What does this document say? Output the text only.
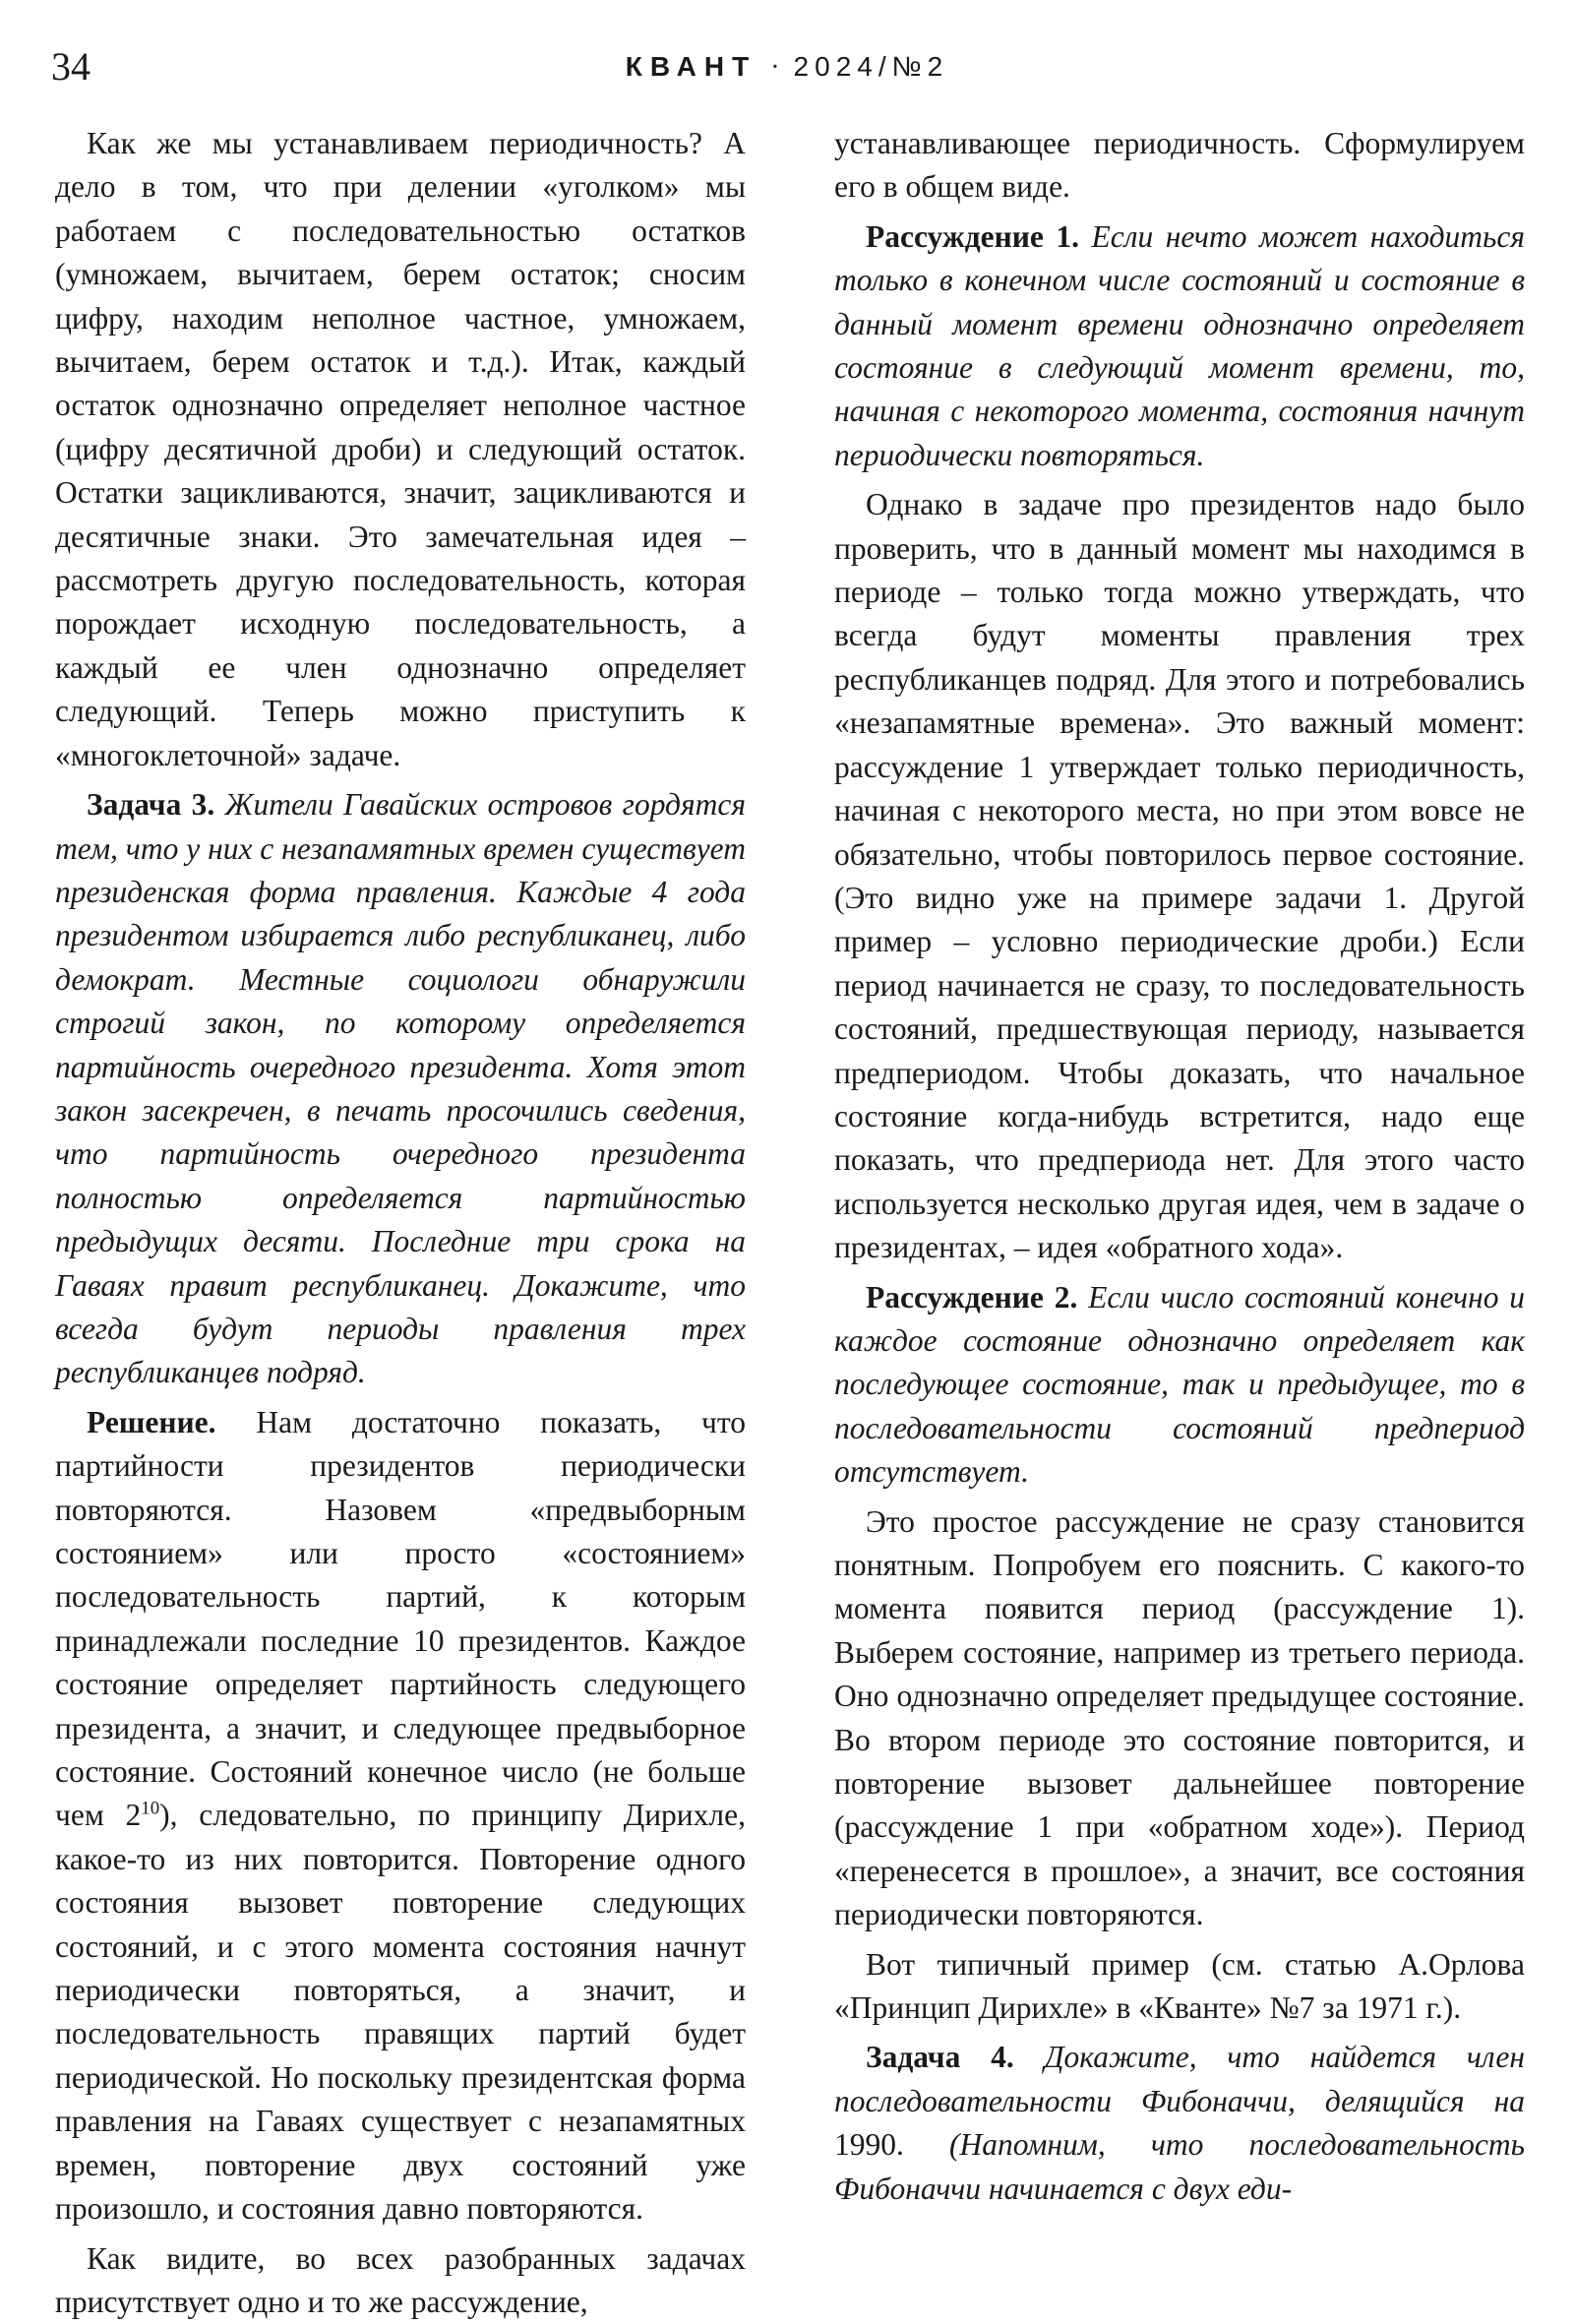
34	КВАНТ · 2024/№2

Как же мы устанавливаем периодичность? А дело в том, что при делении «уголком» мы работаем с последовательностью остатков (умножаем, вычитаем, берем остаток; сносим цифру, находим неполное частное, умножаем, вычитаем, берем остаток и т.д.). Итак, каждый остаток однозначно определяет неполное частное (цифру десятичной дроби) и следующий остаток. Остатки зацикливаются, значит, зацикливаются и десятичные знаки. Это замечательная идея – рассмотреть другую последовательность, которая порождает исходную последовательность, а каждый ее член однозначно определяет следующий. Теперь можно приступить к «многоклеточной» задаче.

Задача 3. Жители Гавайских островов гордятся тем, что у них с незапамятных времен существует президенская форма правления. Каждые 4 года президентом избирается либо республиканец, либо демократ. Местные социологи обнаружили строгий закон, по которому определяется партийность очередного президента. Хотя этот закон засекречен, в печать просочились сведения, что партийность очередного президента полностью определяется партийностью предыдущих десяти. Последние три срока на Гаваях правит республиканец. Докажите, что всегда будут периоды правления трех республиканцев подряд.

Решение. Нам достаточно показать, что партийности президентов периодически повторяются. Назовем «предвыборным состоянием» или просто «состоянием» последовательность партий, к которым принадлежали последние 10 президентов. Каждое состояние определяет партийность следующего президента, а значит, и следующее предвыборное состояние. Состояний конечное число (не больше чем $2^{10}$), следовательно, по принципу Дирихле, какое-то из них повторится. Повторение одного состояния вызовет повторение следующих состояний, и с этого момента состояния начнут периодически повторяться, а значит, и последовательность правящих партий будет периодической. Но поскольку президентская форма правления на Гаваях существует с незапамятных времен, повторение двух состояний уже произошло, и состояния давно повторяются.

Как видите, во всех разобранных задачах присутствует одно и то же рассуждение,

устанавливающее периодичность. Сформулируем его в общем виде.

Рассуждение 1. Если нечто может находиться только в конечном числе состояний и состояние в данный момент времени однозначно определяет состояние в следующий момент времени, то, начиная с некоторого момента, состояния начнут периодически повторяться.

Однако в задаче про президентов надо было проверить, что в данный момент мы находимся в периоде – только тогда можно утверждать, что всегда будут моменты правления трех республиканцев подряд. Для этого и потребовались «незапамятные времена». Это важный момент: рассуждение 1 утверждает только периодичность, начиная с некоторого места, но при этом вовсе не обязательно, чтобы повторилось первое состояние. (Это видно уже на примере задачи 1. Другой пример – условно периодические дроби.) Если период начинается не сразу, то последовательность состояний, предшествующая периоду, называется предпериодом. Чтобы доказать, что начальное состояние когда-нибудь встретится, надо еще показать, что предпериода нет. Для этого часто используется несколько другая идея, чем в задаче о президентах, – идея «обратного хода».

Рассуждение 2. Если число состояний конечно и каждое состояние однозначно определяет как последующее состояние, так и предыдущее, то в последовательности состояний предпериод отсутствует.

Это простое рассуждение не сразу становится понятным. Попробуем его пояснить. С какого-то момента появится период (рассуждение 1). Выберем состояние, например из третьего периода. Оно однозначно определяет предыдущее состояние. Во втором периоде это состояние повторится, и повторение вызовет дальнейшее повторение (рассуждение 1 при «обратном ходе»). Период «перенесется в прошлое», а значит, все состояния периодически повторяются.

Вот типичный пример (см. статью А.Орлова «Принцип Дирихле» в «Кванте» №7 за 1971 г.).

Задача 4. Докажите, что найдется член последовательности Фибоначчи, делящийся на 1990. (Напомним, что последовательность Фибоначчи начинается с двух еди-
